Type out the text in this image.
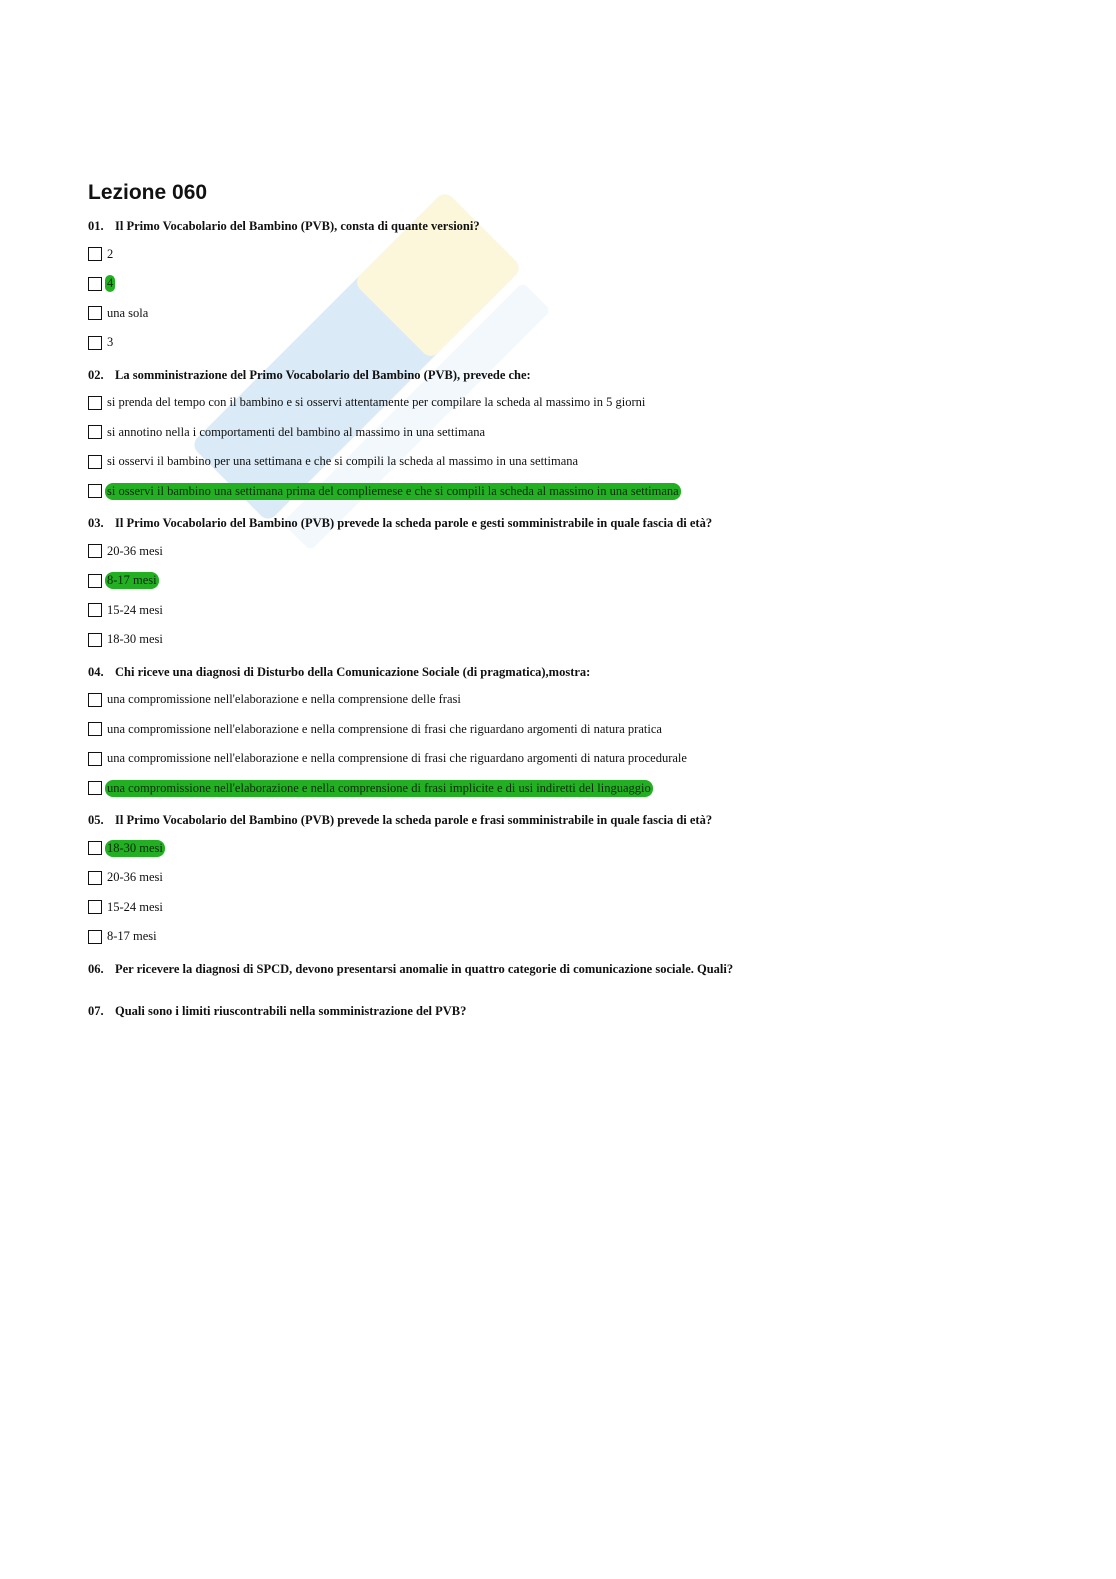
Lezione 060

01. Il Primo Vocabolario del Bambino (PVB), consta di quante versioni?

2
4
una sola
3

02. La somministrazione del Primo Vocabolario del Bambino (PVB), prevede che:

si prenda del tempo con il bambino e si osservi attentamente per compilare la scheda al massimo in 5 giorni
si annotino nella i comportamenti del bambino al massimo in una settimana
si osservi il bambino per una settimana e che si compili la scheda al massimo in una settimana
si osservi il bambino una settimana prima del compliemese e che si compili la scheda al massimo in una settimana

03. Il Primo Vocabolario del Bambino (PVB) prevede la scheda parole e gesti somministrabile in quale fascia di età?

20-36 mesi
8-17 mesi
15-24 mesi
18-30 mesi

04. Chi riceve una diagnosi di Disturbo della Comunicazione Sociale (di pragmatica),mostra:

una compromissione nell'elaborazione e nella comprensione delle frasi
una compromissione nell'elaborazione e nella comprensione di frasi che riguardano argomenti di natura pratica
una compromissione nell'elaborazione e nella comprensione di frasi che riguardano argomenti di natura procedurale
una compromissione nell'elaborazione e nella comprensione di frasi implicite e di usi indiretti del linguaggio

05. Il Primo Vocabolario del Bambino (PVB) prevede la scheda parole e frasi somministrabile in quale fascia di età?

18-30 mesi
20-36 mesi
15-24 mesi
8-17 mesi

06. Per ricevere la diagnosi di SPCD, devono presentarsi anomalie in quattro categorie di comunicazione sociale. Quali?

07. Quali sono i limiti riuscontrabili nella somministrazione del PVB?
